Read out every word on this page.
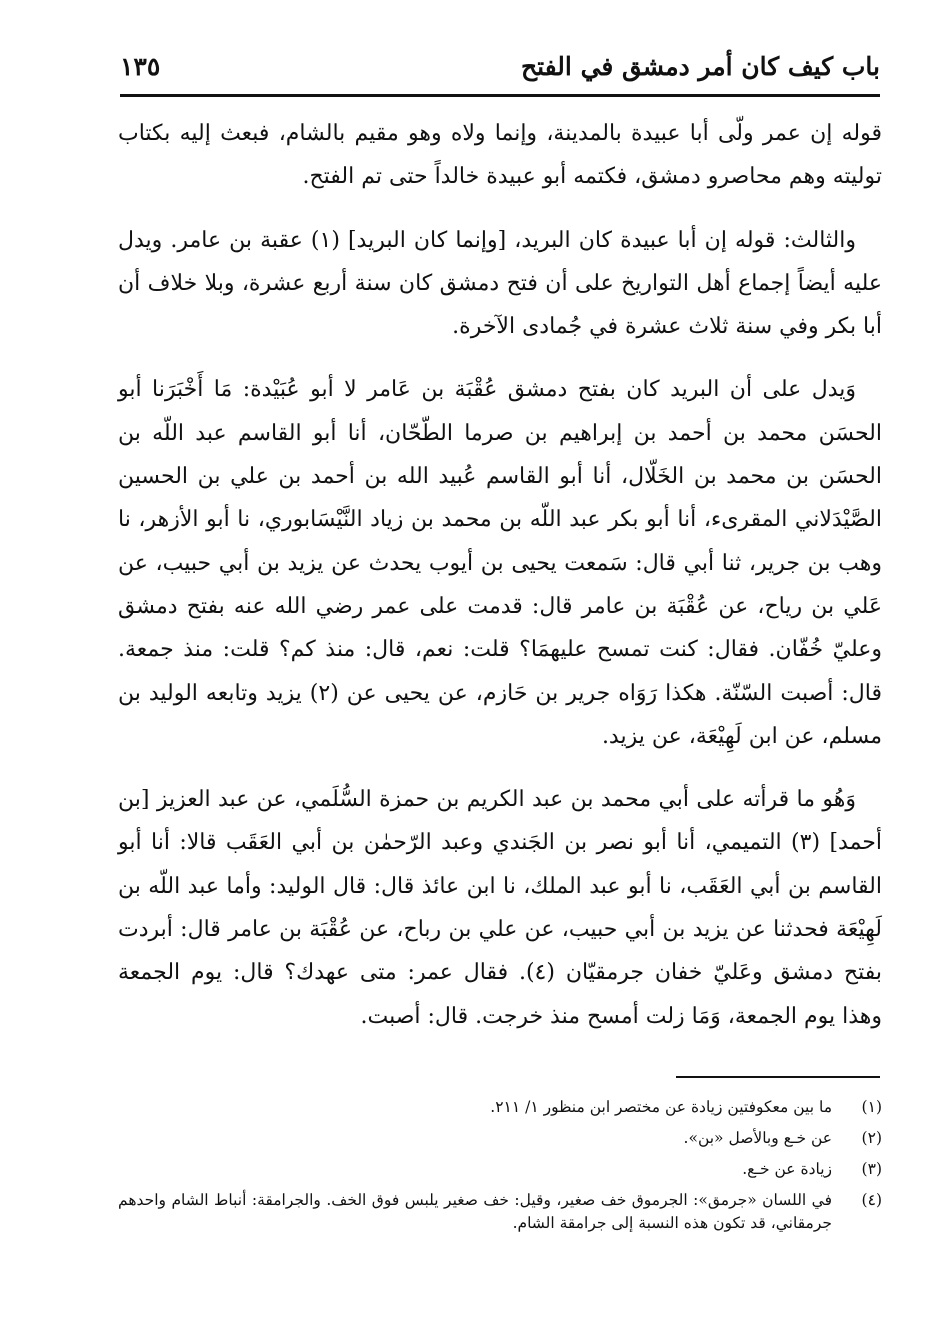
باب كيف كان أمر دمشق في الفتح
١٣٥

قوله إن عمر ولّى أبا عبيدة بالمدينة، وإنما ولاه وهو مقيم بالشام، فبعث إليه بكتاب توليته وهم محاصرو دمشق، فكتمه أبو عبيدة خالداً حتى تم الفتح.

والثالث: قوله إن أبا عبيدة كان البريد، [وإنما كان البريد] (١) عقبة بن عامر. ويدل عليه أيضاً إجماع أهل التواريخ على أن فتح دمشق كان سنة أربع عشرة، وبلا خلاف أن أبا بكر وفي سنة ثلاث عشرة في جُمادى الآخرة.

وَيدل على أن البريد كان بفتح دمشق عُقْبَة بن عَامر لا أبو عُبَيْدة: مَا أَخْبَرَنا أبو الحسَن محمد بن أحمد بن إبراهيم بن صرما الطّحّان، أنا أبو القاسم عبد اللّه بن الحسَن بن محمد بن الخَلّال، أنا أبو القاسم عُبيد الله بن أحمد بن علي بن الحسين الصَّيْدَلاني المقرىء، أنا أبو بكر عبد اللّه بن محمد بن زياد النَّيْسَابوري، نا أبو الأزهر، نا وهب بن جرير، ثنا أبي قال: سَمعت يحيى بن أيوب يحدث عن يزيد بن أبي حبيب، عن عَلي بن رياح، عن عُقْبَة بن عامر قال: قدمت على عمر رضي الله عنه بفتح دمشق وعليّ خُفّان. فقال: كنت تمسح عليهمَا؟ قلت: نعم، قال: منذ كم؟ قلت: منذ جمعة. قال: أصبت السّنّة. هكذا رَوَاه جرير بن حَازم، عن يحيى عن (٢) يزيد وتابعه الوليد بن مسلم، عن ابن لَهِيْعَة، عن يزيد.

وَهُو ما قرأته على أبي محمد بن عبد الكريم بن حمزة السُّلَمي، عن عبد العزيز [بن أحمد] (٣) التميمي، أنا أبو نصر بن الجَندي وعبد الرّحمٰن بن أبي العَقَب قالا: أنا أبو القاسم بن أبي العَقَب، نا أبو عبد الملك، نا ابن عائذ قال: قال الوليد: وأما عبد اللّه بن لَهِيْعَة فحدثنا عن يزيد بن أبي حبيب، عن علي بن رباح، عن عُقْبَة بن عامر قال: أبردت بفتح دمشق وعَليّ خفان جرمقيّان (٤). فقال عمر: متى عهدك؟ قال: يوم الجمعة وهذا يوم الجمعة، وَمَا زلت أمسح منذ خرجت. قال: أصبت.

(١)
ما بين معكوفتين زيادة عن مختصر ابن منظور ١/ ٢١١.
(٢)
عن خـع وبالأصل «بن».
(٣)
زيادة عن خـع.
(٤)
في اللسان «جرمق»: الجرموق خف صغير، وقيل: خف صغير يلبس فوق الخف. والجرامقة: أنباط الشام واحدهم جرمقاني، قد تكون هذه النسبة إلى جرامقة الشام.
